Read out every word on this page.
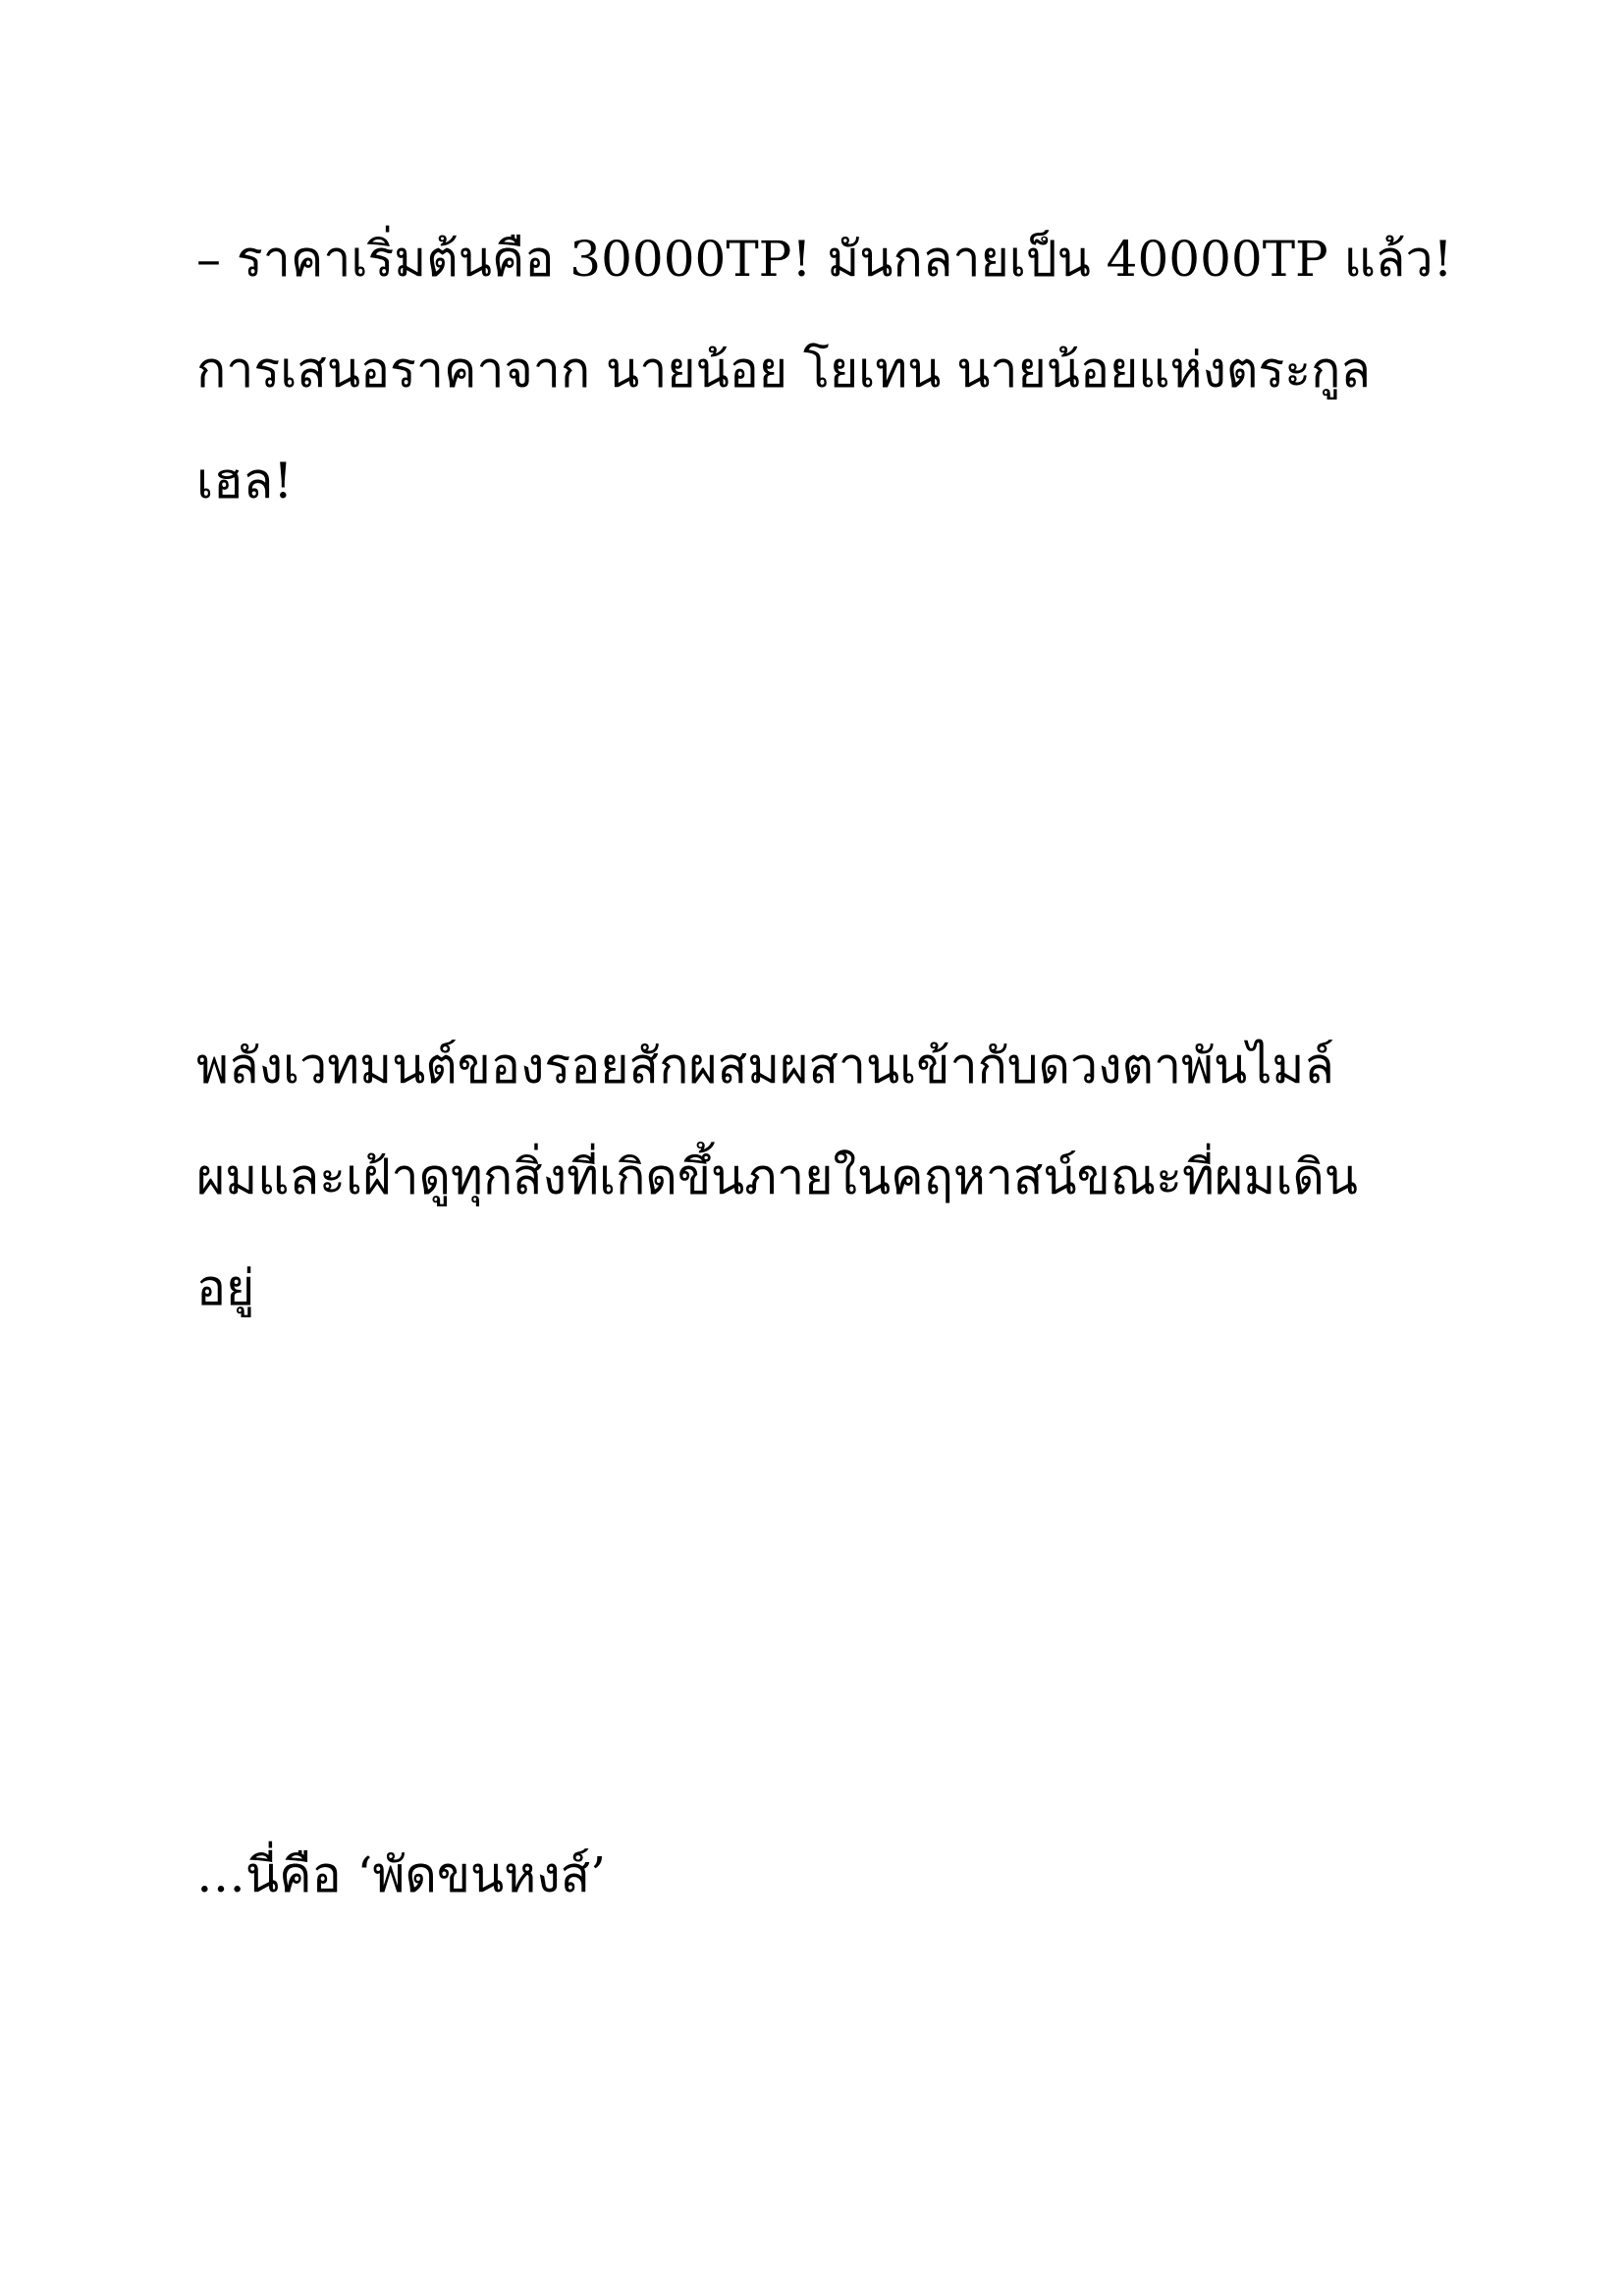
– ราคาเริ่มต้นคือ 30000TP! มันกลายเป็น 40000TP แล้ว!
การเสนอราคาจาก นายน้อย โยเทน นายน้อยแห่งตระกูล
เฮล!

พลังเวทมนต์ของรอยสักผสมผสานเข้ากับดวงตาพันไมล์
ผมและเฝ้าดูทุกสิ่งที่เกิดขึ้นภายในคฤหาสน์ขณะที่ผมเดิน
อยู่

…นี่คือ ‘พัดขนหงส์’
